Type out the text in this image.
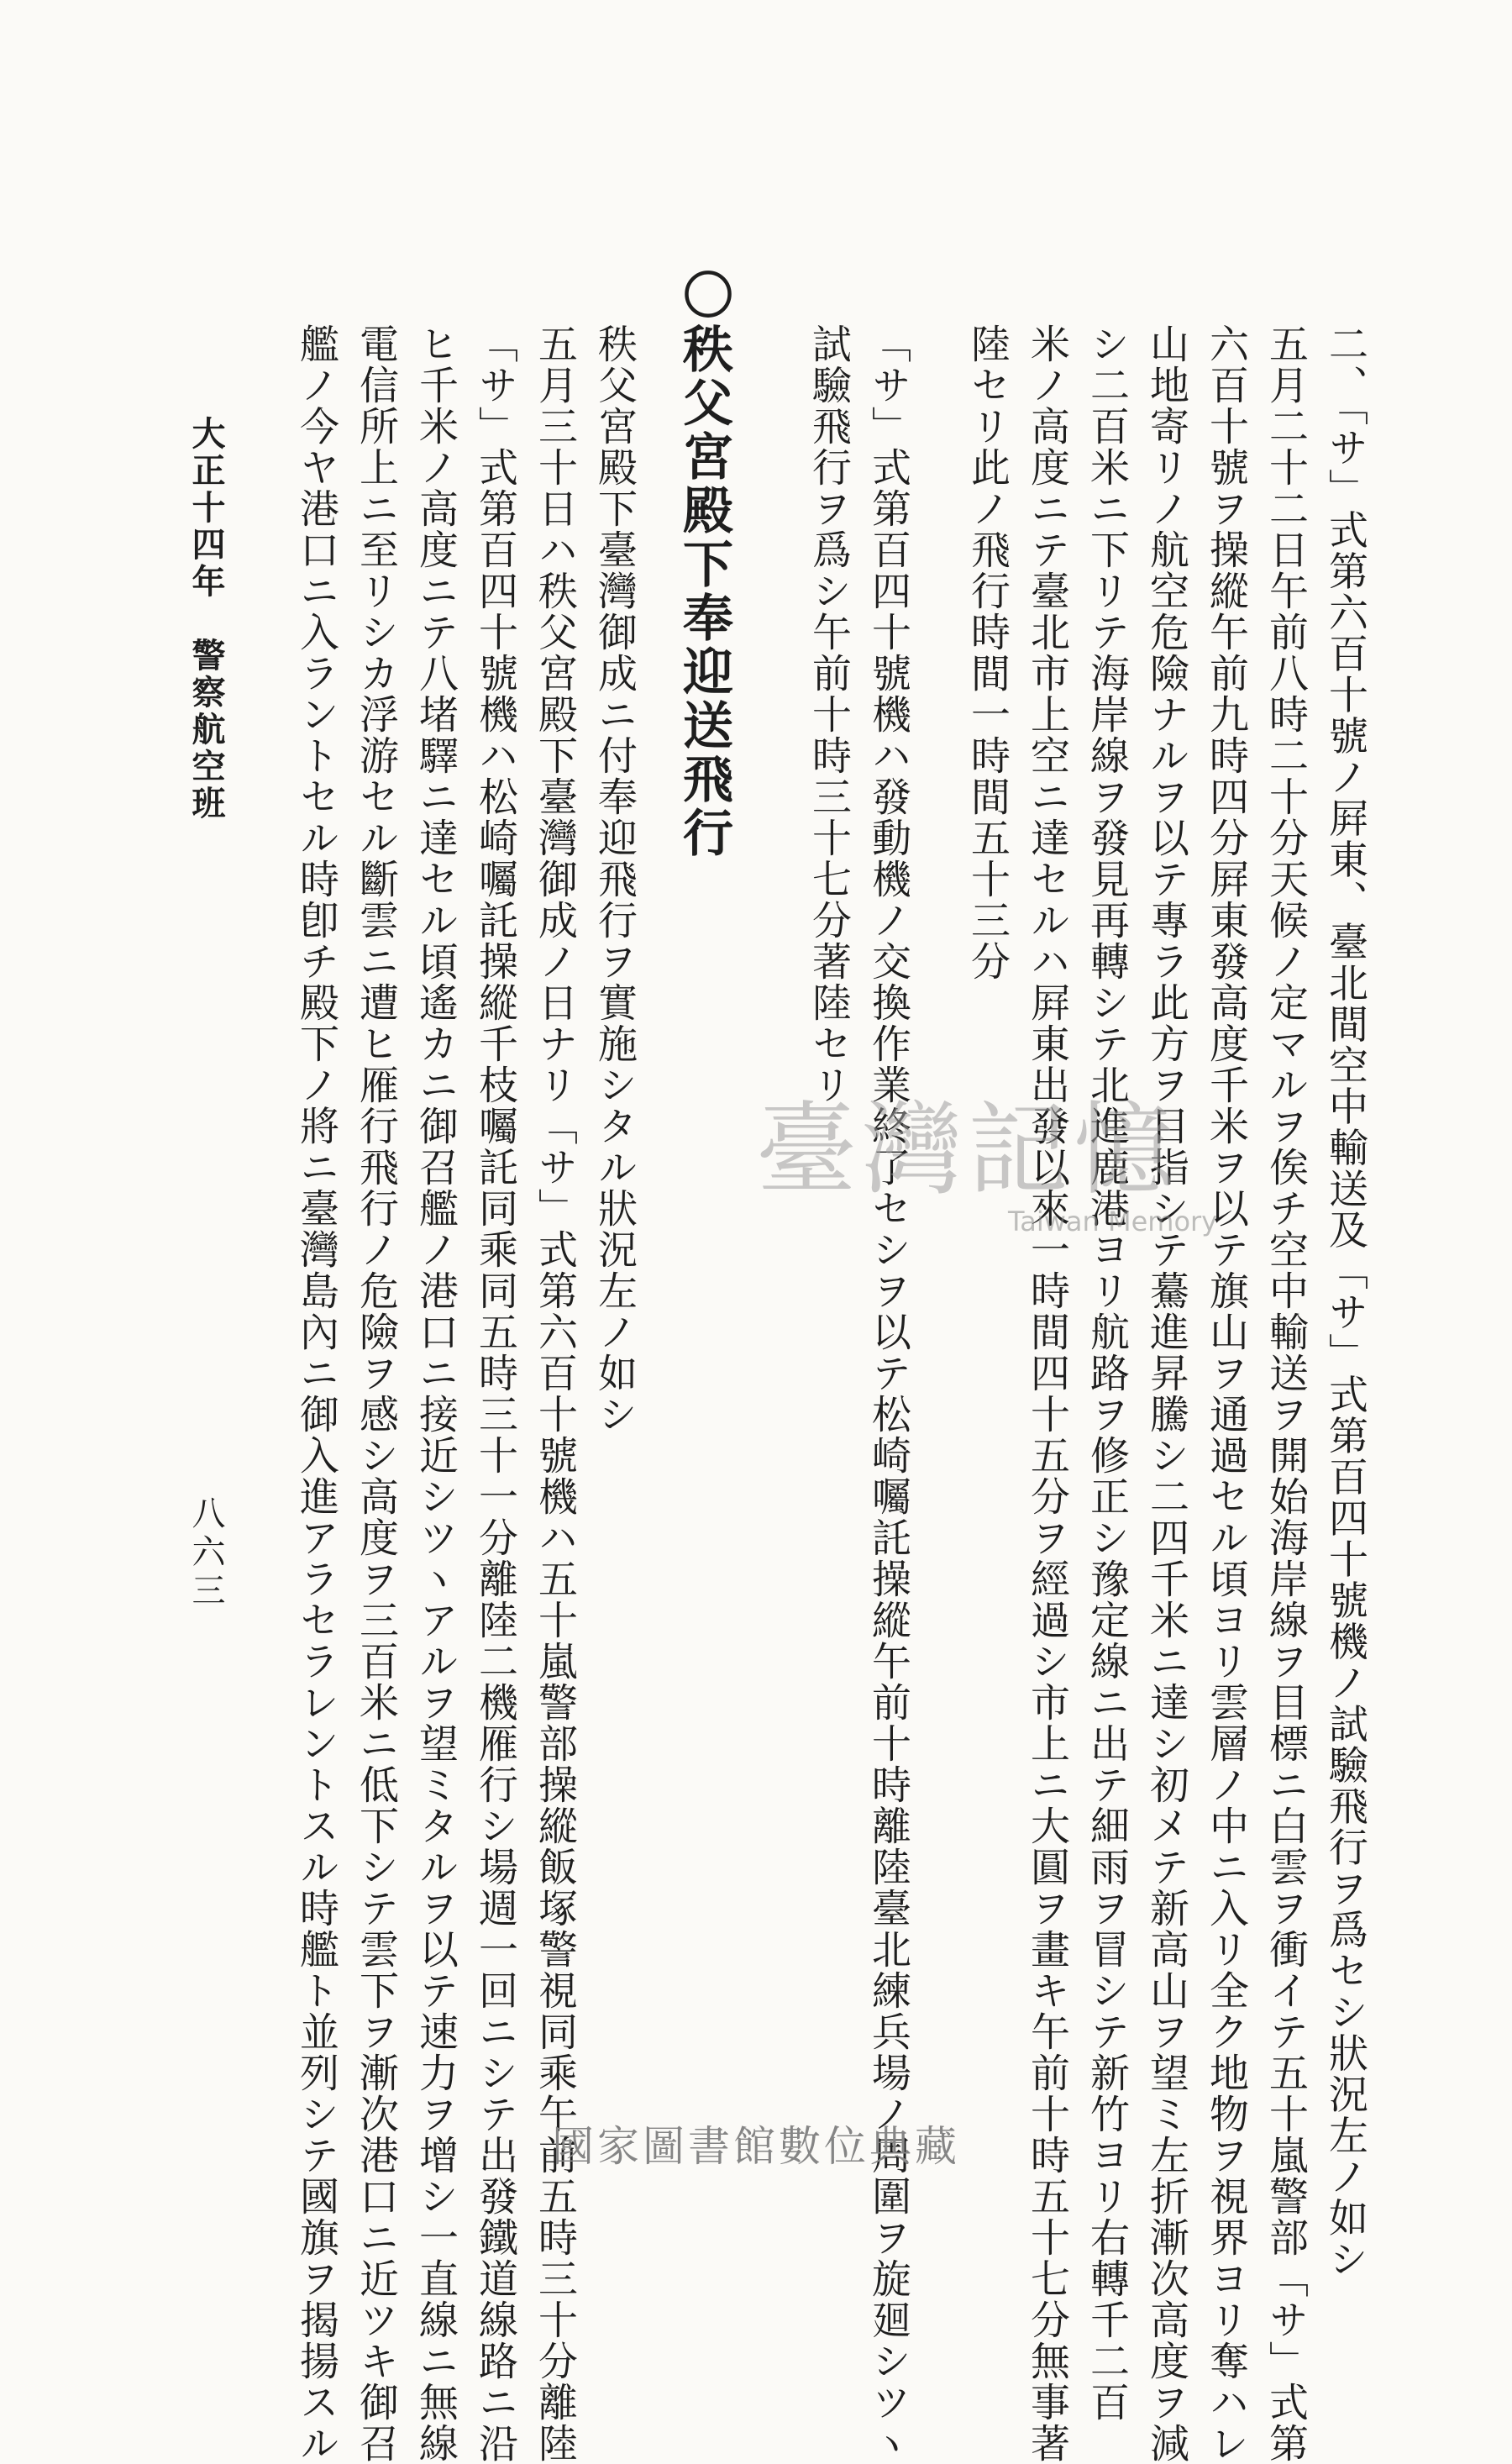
二、「サ」式第六百十號ノ屛東、臺北間空中輸送及「サ」式第百四十號機ノ試驗飛行ヲ爲セシ狀況左ノ如シ
五月二十二日午前八時二十分天候ノ定マルヲ俟チ空中輸送ヲ開始海岸線ヲ目標ニ白雲ヲ衝イテ五十嵐警部「サ」式第
六百十號ヲ操縱午前九時四分屛東發高度千米ヲ以テ旗山ヲ通過セル頃ヨリ雲層ノ中ニ入リ全ク地物ヲ視界ヨリ奪ハレ
山地寄リノ航空危險ナルヲ以テ專ラ此方ヲ目指シテ驀進昇騰シ二四千米ニ達シ初メテ新高山ヲ望ミ左折漸次高度ヲ減
シ二百米ニ下リテ海岸線ヲ發見再轉シテ北進鹿港ヨリ航路ヲ修正シ豫定線ニ出テ細雨ヲ冒シテ新竹ヨリ右轉千二百
米ノ高度ニテ臺北市上空ニ達セルハ屛東出發以來一時間四十五分ヲ經過シ市上ニ大圓ヲ畫キ午前十時五十七分無事著
陸セリ此ノ飛行時間一時間五十三分
「サ」式第百四十號機ハ發動機ノ交換作業終了セシヲ以テ松崎囑託操縱午前十時離陸臺北練兵場ノ周圍ヲ旋廻シツヽ
試驗飛行ヲ爲シ午前十時三十七分著陸セリ
〇秩父宮殿下奉迎送飛行
秩父宮殿下臺灣御成ニ付奉迎飛行ヲ實施シタル狀況左ノ如シ
五月三十日ハ秩父宮殿下臺灣御成ノ日ナリ「サ」式第六百十號機ハ五十嵐警部操縱飯塚警視同乘午前五時三十分離陸
「サ」式第百四十號機ハ松崎囑託操縱千枝囑託同乘同五時三十一分離陸二機雁行シ場週一回ニシテ出發鐵道線路ニ沿
ヒ千米ノ高度ニテ八堵驛ニ達セル頃遙カニ御召艦ノ港口ニ接近シツヽアルヲ望ミタルヲ以テ速力ヲ增シ一直線ニ無線
電信所上ニ至リシカ浮游セル斷雲ニ遭ヒ雁行飛行ノ危險ヲ感シ高度ヲ三百米ニ低下シテ雲下ヲ漸次港口ニ近ツキ御召
艦ノ今ヤ港口ニ入ラントセル時卽チ殿下ノ將ニ臺灣島內ニ御入進アラセラレントスル時艦ト並列シテ國旗ヲ揭揚スル
大正十四年　警察航空班
八六三
臺灣記憶
Taiwan Memory
國家圖書館數位典藏
